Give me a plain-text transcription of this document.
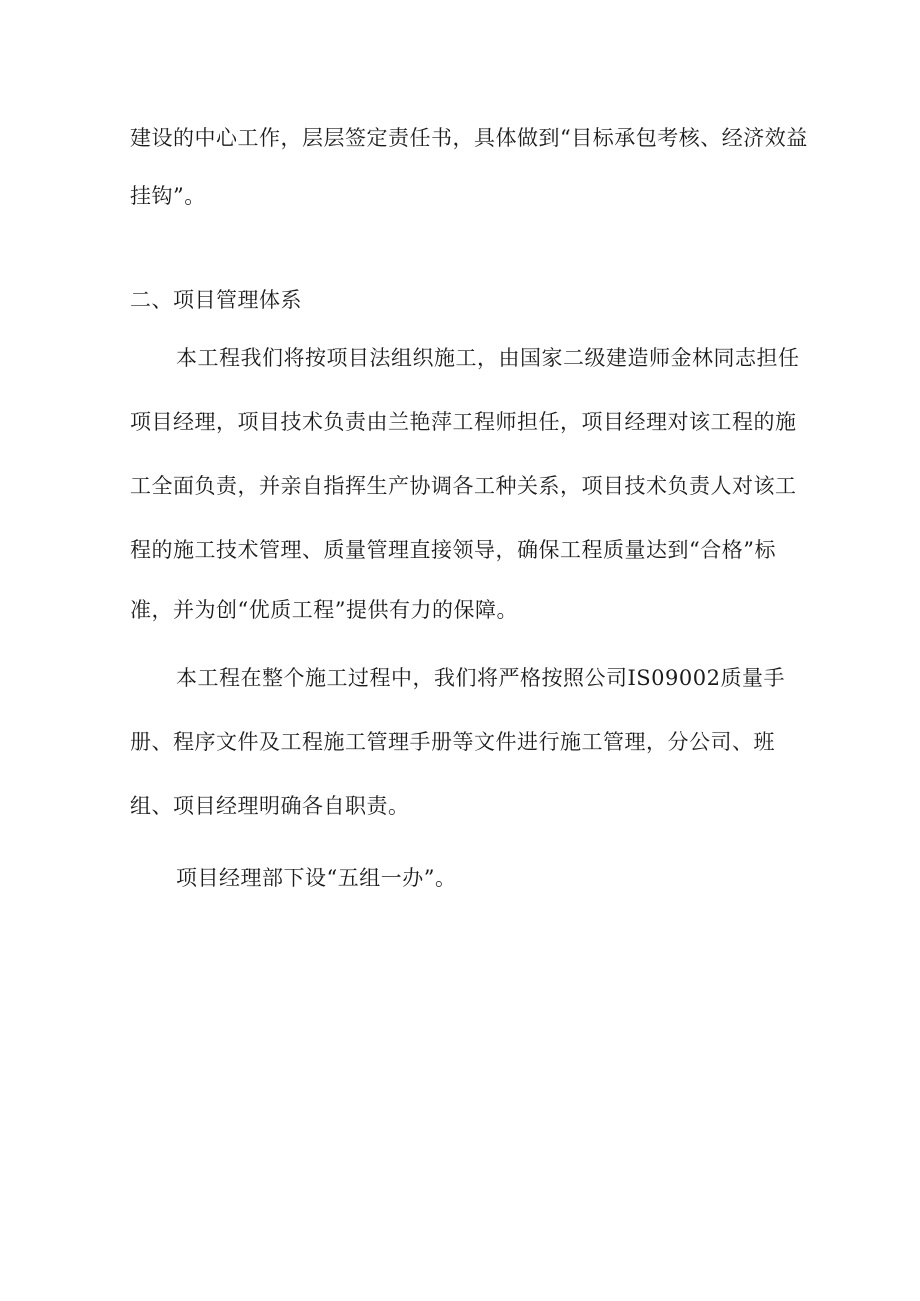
建设的中心工作，层层签定责任书，具体做到“目标承包考核、经济效益
挂钩”。
二、项目管理体系
本工程我们将按项目法组织施工，由国家二级建造师金林同志担任
项目经理，项目技术负责由兰艳萍工程师担任，项目经理对该工程的施
工全面负责，并亲自指挥生产协调各工种关系，项目技术负责人对该工
程的施工技术管理、质量管理直接领导，确保工程质量达到“合格”标
准，并为创“优质工程”提供有力的保障。
本工程在整个施工过程中，我们将严格按照公司IS09002质量手
册、程序文件及工程施工管理手册等文件进行施工管理，分公司、班
组、项目经理明确各自职责。
项目经理部下设“五组一办”。
